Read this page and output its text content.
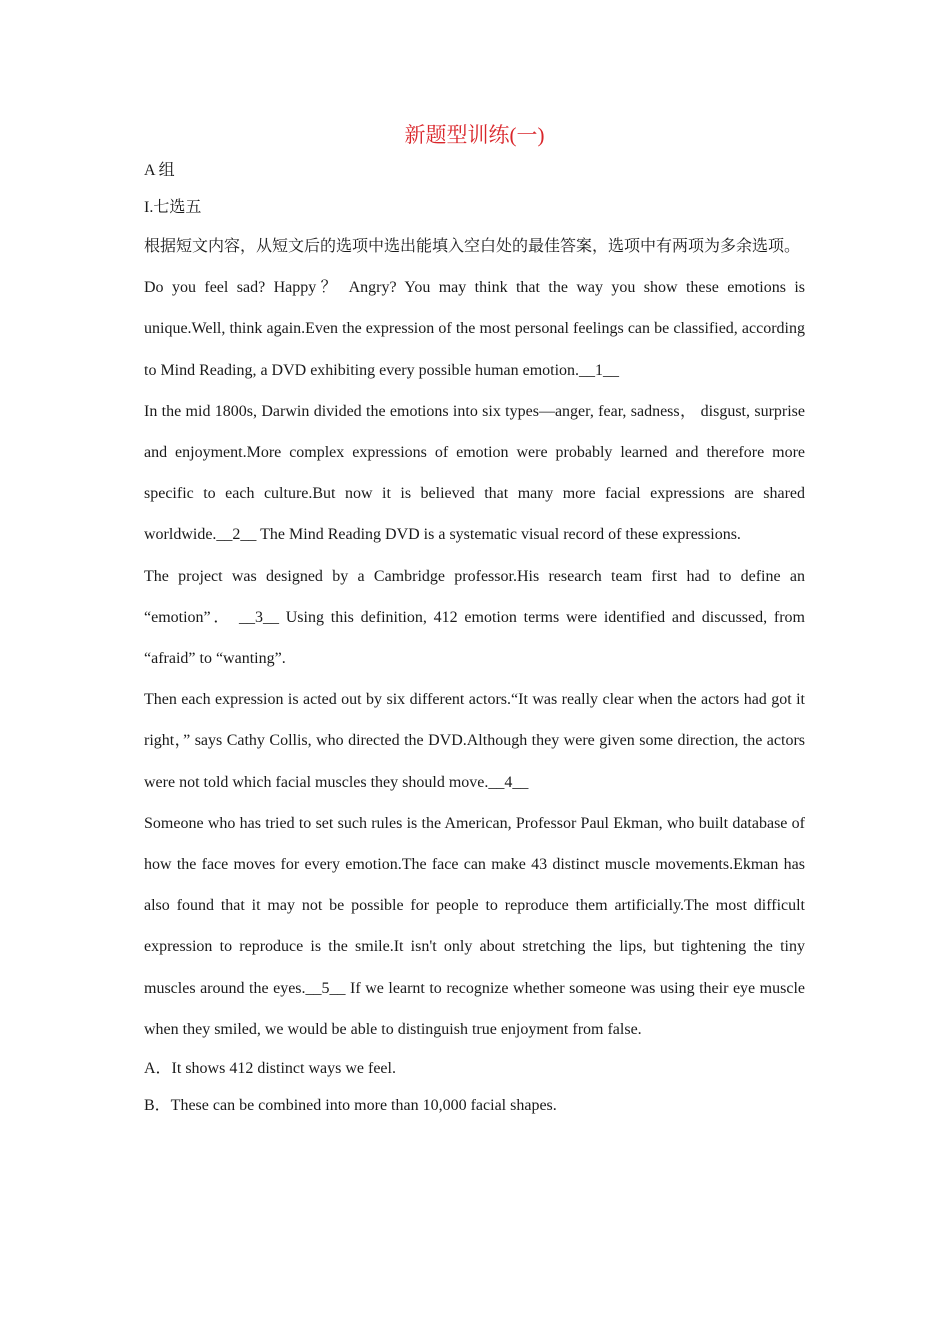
新题型训练(一)

A 组

I.七选五

根据短文内容，从短文后的选项中选出能填入空白处的最佳答案，选项中有两项为多余选项。

Do you feel sad? Happy？ Angry? You may think that the way you show these emotions is unique.Well, think again.Even the expression of the most personal feelings can be classified, according to Mind Reading, a DVD exhibiting every possible human emotion.__1__

In the mid 1800s, Darwin divided the emotions into six types—anger, fear, sadness， disgust, surprise and enjoyment.More complex expressions of emotion were probably learned and therefore more specific to each culture.But now it is believed that many more facial expressions are shared worldwide.__2__ The Mind Reading DVD is a systematic visual record of these expressions.

The project was designed by a Cambridge professor.His research team first had to define an “emotion”． __3__ Using this definition, 412 emotion terms were identified and discussed, from “afraid” to “wanting”.

Then each expression is acted out by six different actors.“It was really clear when the actors had got it right，” says Cathy Collis, who directed the DVD.Although they were given some direction, the actors were not told which facial muscles they should move.__4__

Someone who has tried to set such rules is the American, Professor Paul Ekman, who built database of how the face moves for every emotion.The face can make 43 distinct muscle movements.Ekman has also found that it may not be possible for people to reproduce them artificially.The most difficult expression to reproduce is the smile.It isn't only about stretching the lips, but tightening the tiny muscles around the eyes.__5__ If we learnt to recognize whether someone was using their eye muscle when they smiled, we would be able to distinguish true enjoyment from false.

A．It shows 412 distinct ways we feel.

B．These can be combined into more than 10,000 facial shapes.
